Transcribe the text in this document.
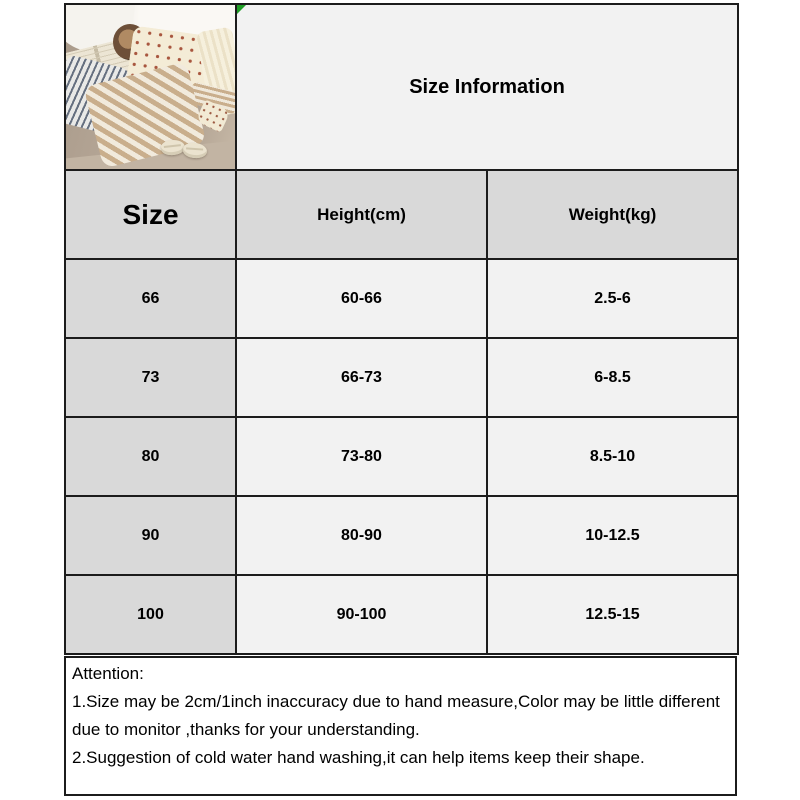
Size Information	
Size	Height(cm)	Weight(kg)
66	60-66	2.5-6
73	66-73	6-8.5
80	73-80	8.5-10
90	80-90	10-12.5
100	90-100	12.5-15
Attention:
1.Size may be 2cm/1inch inaccuracy due to hand measure,Color may be little different due to monitor ,thanks for your understanding.
2.Suggestion of cold water hand washing,it can help items keep their shape.
